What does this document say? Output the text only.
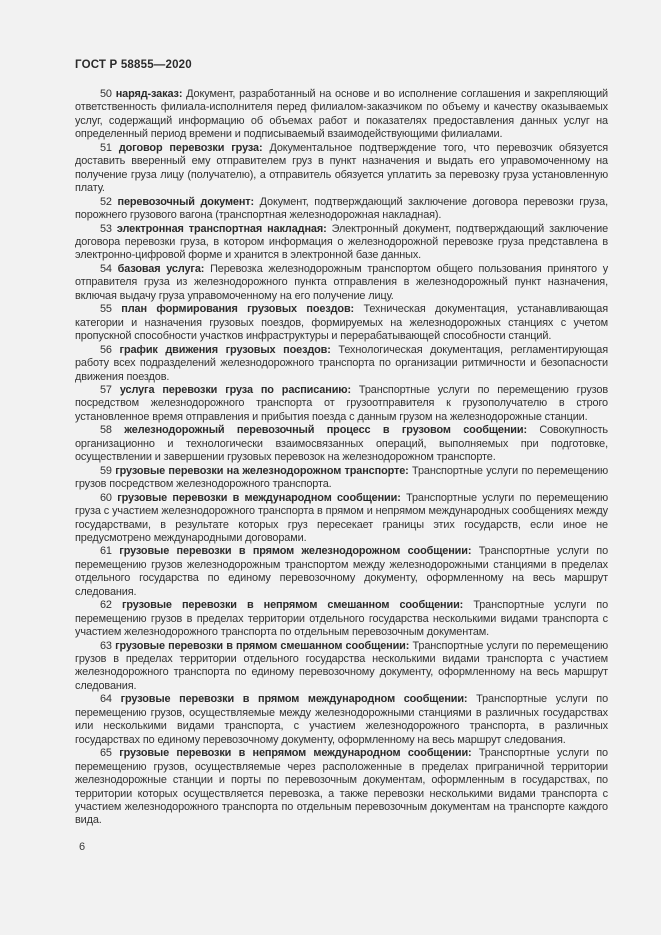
ГОСТ Р 58855—2020

50 наряд-заказ: Документ, разработанный на основе и во исполнение соглашения и закрепляющий ответственность филиала-исполнителя перед филиалом-заказчиком по объему и качеству оказываемых услуг, содержащий информацию об объемах работ и показателях предоставления данных услуг на определенный период времени и подписываемый взаимодействующими филиалами.

51 договор перевозки груза: Документальное подтверждение того, что перевозчик обязуется доставить вверенный ему отправителем груз в пункт назначения и выдать его управомоченному на получение груза лицу (получателю), а отправитель обязуется уплатить за перевозку груза установленную плату.

52 перевозочный документ: Документ, подтверждающий заключение договора перевозки груза, порожнего грузового вагона (транспортная железнодорожная накладная).

53 электронная транспортная накладная: Электронный документ, подтверждающий заключение договора перевозки груза, в котором информация о железнодорожной перевозке груза представлена в электронно-цифровой форме и хранится в электронной базе данных.

54 базовая услуга: Перевозка железнодорожным транспортом общего пользования принятого у отправителя груза из железнодорожного пункта отправления в железнодорожный пункт назначения, включая выдачу груза управомоченному на его получение лицу.

55 план формирования грузовых поездов: Техническая документация, устанавливающая категории и назначения грузовых поездов, формируемых на железнодорожных станциях с учетом пропускной способности участков инфраструктуры и перерабатывающей способности станций.

56 график движения грузовых поездов: Технологическая документация, регламентирующая работу всех подразделений железнодорожного транспорта по организации ритмичности и безопасности движения поездов.

57 услуга перевозки груза по расписанию: Транспортные услуги по перемещению грузов посредством железнодорожного транспорта от грузоотправителя к грузополучателю в строго установленное время отправления и прибытия поезда с данным грузом на железнодорожные станции.

58 железнодорожный перевозочный процесс в грузовом сообщении: Совокупность организационно и технологически взаимосвязанных операций, выполняемых при подготовке, осуществлении и завершении грузовых перевозок на железнодорожном транспорте.

59 грузовые перевозки на железнодорожном транспорте: Транспортные услуги по перемещению грузов посредством железнодорожного транспорта.

60 грузовые перевозки в международном сообщении: Транспортные услуги по перемещению груза с участием железнодорожного транспорта в прямом и непрямом международных сообщениях между государствами, в результате которых груз пересекает границы этих государств, если иное не предусмотрено международными договорами.

61 грузовые перевозки в прямом железнодорожном сообщении: Транспортные услуги по перемещению грузов железнодорожным транспортом между железнодорожными станциями в пределах отдельного государства по единому перевозочному документу, оформленному на весь маршрут следования.

62 грузовые перевозки в непрямом смешанном сообщении: Транспортные услуги по перемещению грузов в пределах территории отдельного государства несколькими видами транспорта с участием железнодорожного транспорта по отдельным перевозочным документам.

63 грузовые перевозки в прямом смешанном сообщении: Транспортные услуги по перемещению грузов в пределах территории отдельного государства несколькими видами транспорта с участием железнодорожного транспорта по единому перевозочному документу, оформленному на весь маршрут следования.

64 грузовые перевозки в прямом международном сообщении: Транспортные услуги по перемещению грузов, осуществляемые между железнодорожными станциями в различных государствах или несколькими видами транспорта, с участием железнодорожного транспорта, в различных государствах по единому перевозочному документу, оформленному на весь маршрут следования.

65 грузовые перевозки в непрямом международном сообщении: Транспортные услуги по перемещению грузов, осуществляемые через расположенные в пределах приграничной территории железнодорожные станции и порты по перевозочным документам, оформленным в государствах, по территории которых осуществляется перевозка, а также перевозки несколькими видами транспорта с участием железнодорожного транспорта по отдельным перевозочным документам на транспорте каждого вида.

6
